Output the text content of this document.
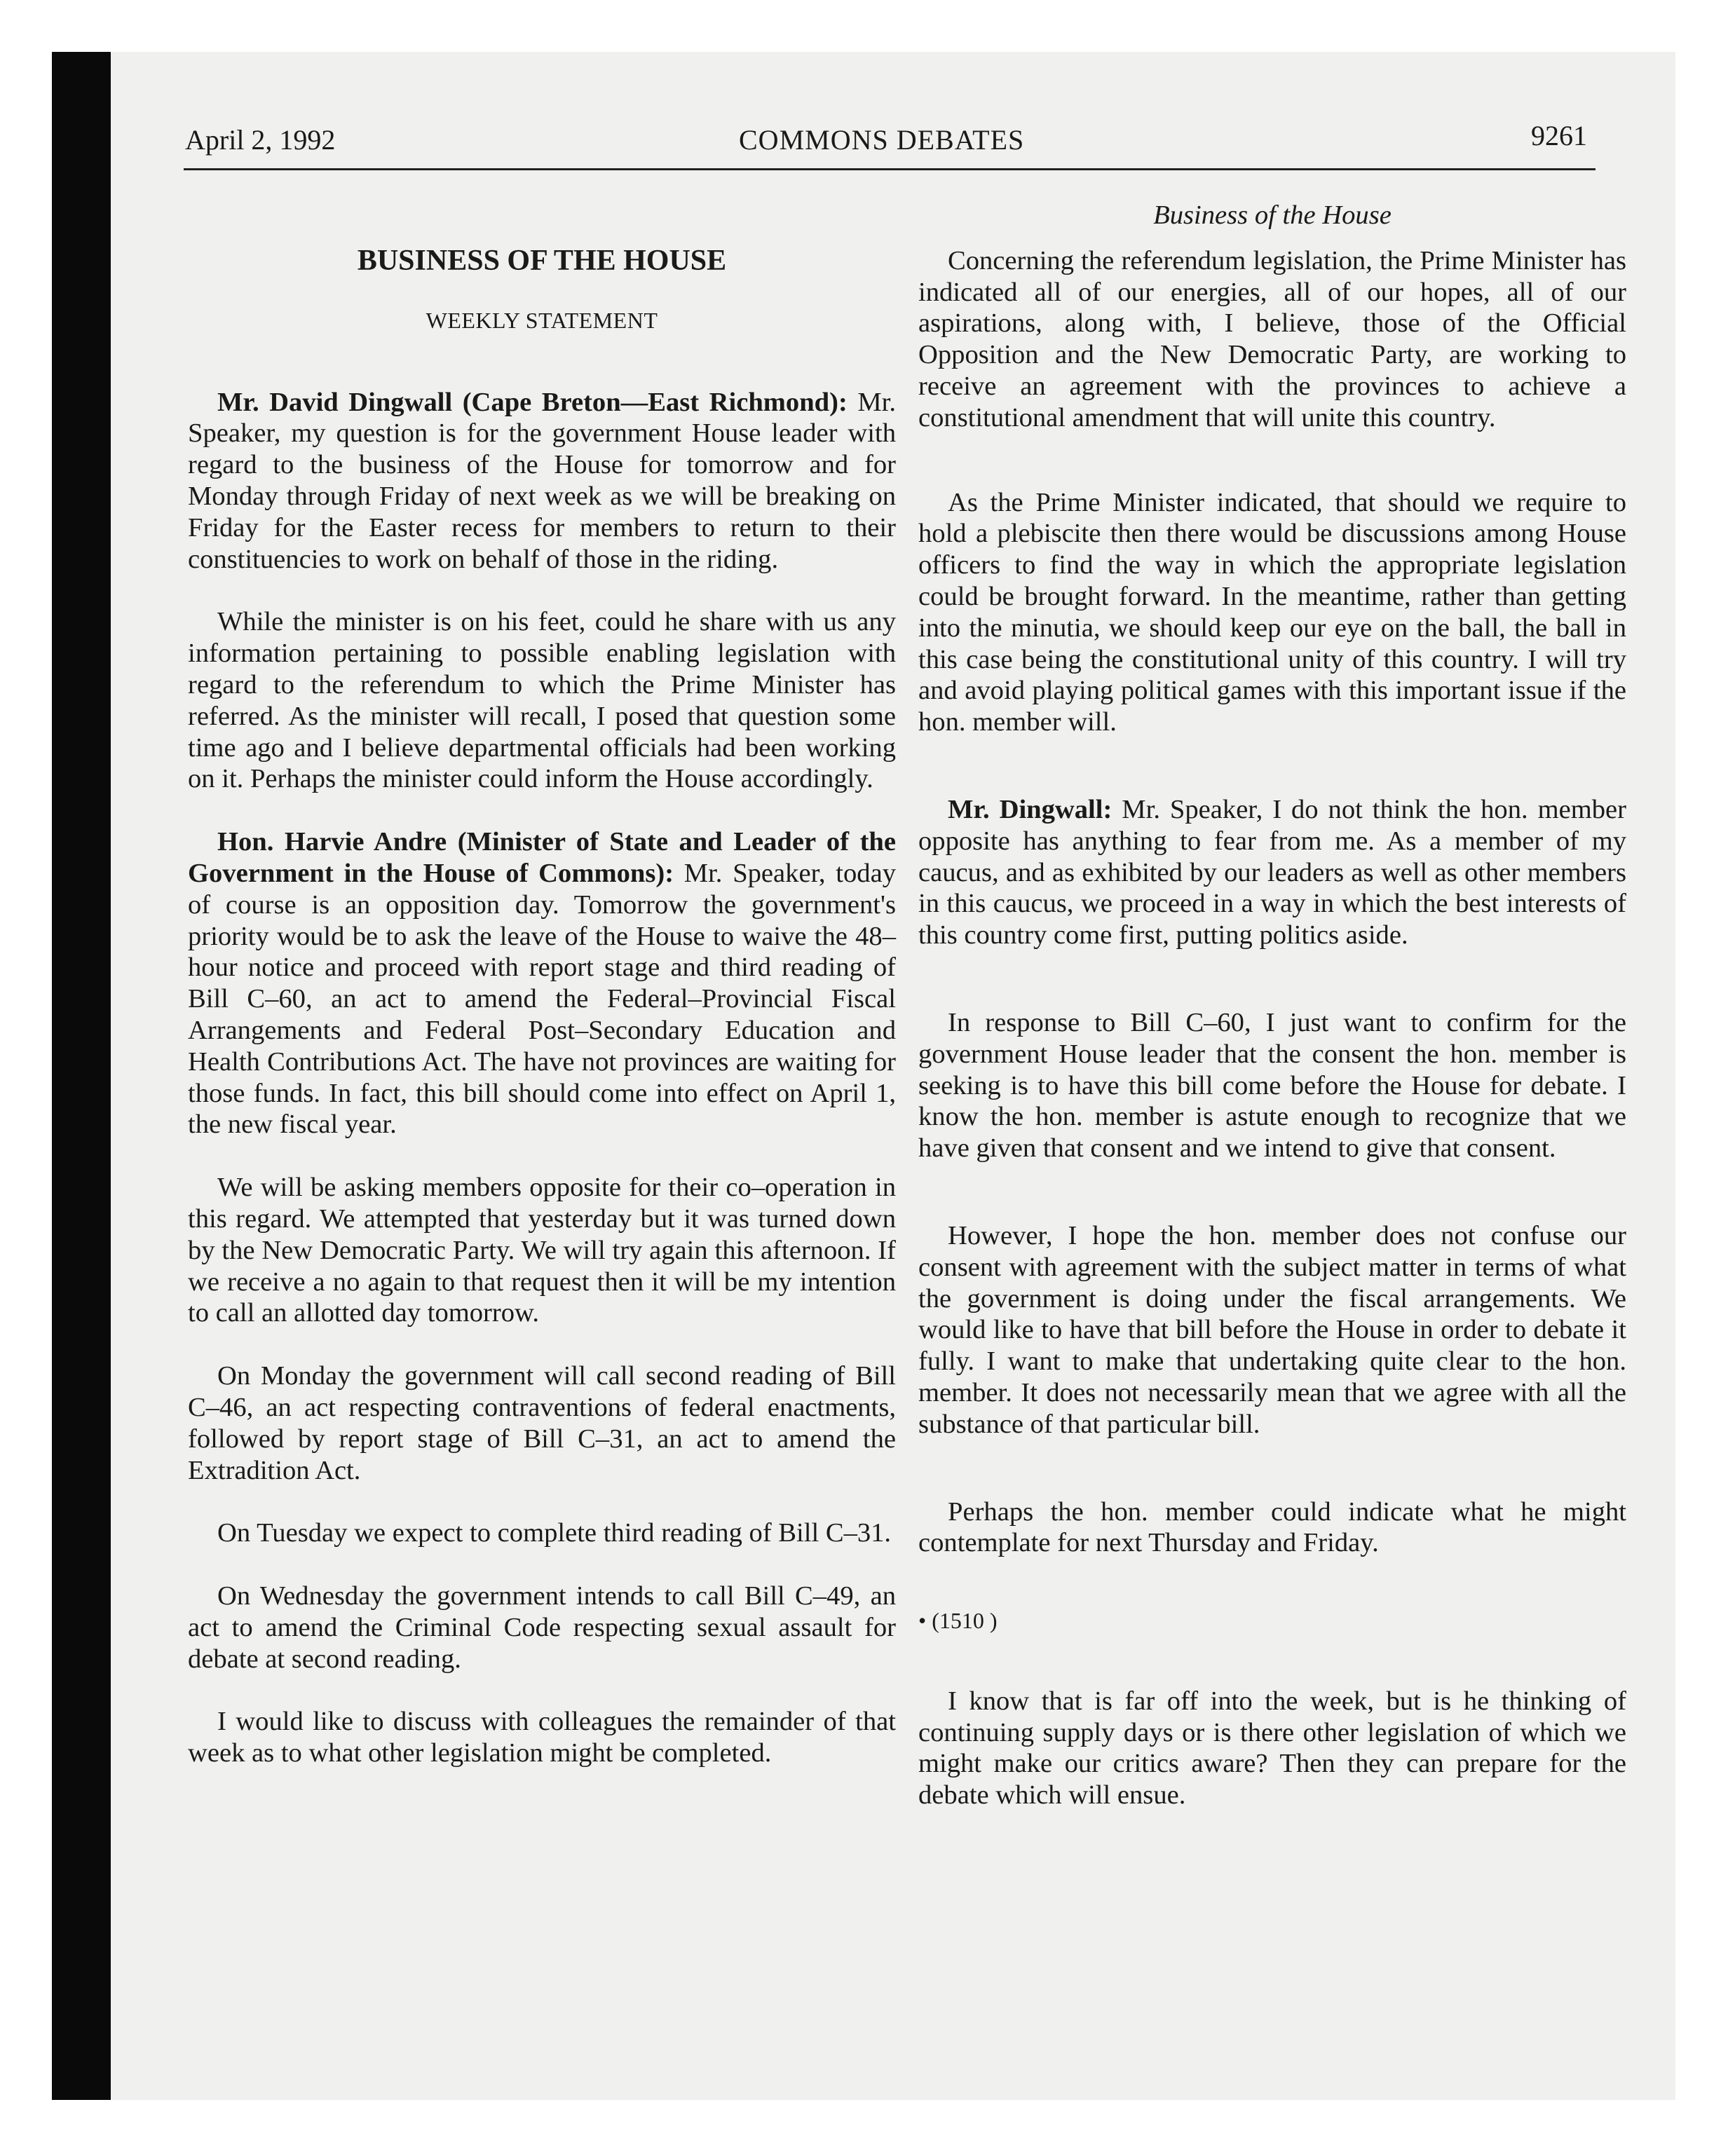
April 2, 1992	COMMONS DEBATES	9261

BUSINESS OF THE HOUSE

WEEKLY STATEMENT

Mr. David Dingwall (Cape Breton—East Richmond): Mr. Speaker, my question is for the government House leader with regard to the business of the House for tomorrow and for Monday through Friday of next week as we will be breaking on Friday for the Easter recess for members to return to their constituencies to work on behalf of those in the riding.

While the minister is on his feet, could he share with us any information pertaining to possible enabling legislation with regard to the referendum to which the Prime Minister has referred. As the minister will recall, I posed that question some time ago and I believe departmental officials had been working on it. Perhaps the minister could inform the House accordingly.

Hon. Harvie Andre (Minister of State and Leader of the Government in the House of Commons): Mr. Speaker, today of course is an opposition day. Tomorrow the government's priority would be to ask the leave of the House to waive the 48–hour notice and proceed with report stage and third reading of Bill C–60, an act to amend the Federal–Provincial Fiscal Arrangements and Federal Post–Secondary Education and Health Contributions Act. The have not provinces are waiting for those funds. In fact, this bill should come into effect on April 1, the new fiscal year.

We will be asking members opposite for their co–operation in this regard. We attempted that yesterday but it was turned down by the New Democratic Party. We will try again this afternoon. If we receive a no again to that request then it will be my intention to call an allotted day tomorrow.

On Monday the government will call second reading of Bill C–46, an act respecting contraventions of federal enactments, followed by report stage of Bill C–31, an act to amend the Extradition Act.

On Tuesday we expect to complete third reading of Bill C–31.

On Wednesday the government intends to call Bill C–49, an act to amend the Criminal Code respecting sexual assault for debate at second reading.

I would like to discuss with colleagues the remainder of that week as to what other legislation might be completed.

Business of the House

Concerning the referendum legislation, the Prime Minister has indicated all of our energies, all of our hopes, all of our aspirations, along with, I believe, those of the Official Opposition and the New Democratic Party, are working to receive an agreement with the provinces to achieve a constitutional amendment that will unite this country.

As the Prime Minister indicated, that should we require to hold a plebiscite then there would be discussions among House officers to find the way in which the appropriate legislation could be brought forward. In the meantime, rather than getting into the minutia, we should keep our eye on the ball, the ball in this case being the constitutional unity of this country. I will try and avoid playing political games with this important issue if the hon. member will.

Mr. Dingwall: Mr. Speaker, I do not think the hon. member opposite has anything to fear from me. As a member of my caucus, and as exhibited by our leaders as well as other members in this caucus, we proceed in a way in which the best interests of this country come first, putting politics aside.

In response to Bill C–60, I just want to confirm for the government House leader that the consent the hon. member is seeking is to have this bill come before the House for debate. I know the hon. member is astute enough to recognize that we have given that consent and we intend to give that consent.

However, I hope the hon. member does not confuse our consent with agreement with the subject matter in terms of what the government is doing under the fiscal arrangements. We would like to have that bill before the House in order to debate it fully. I want to make that undertaking quite clear to the hon. member. It does not necessarily mean that we agree with all the substance of that particular bill.

Perhaps the hon. member could indicate what he might contemplate for next Thursday and Friday.

• (1510 )

I know that is far off into the week, but is he thinking of continuing supply days or is there other legislation of which we might make our critics aware? Then they can prepare for the debate which will ensue.
